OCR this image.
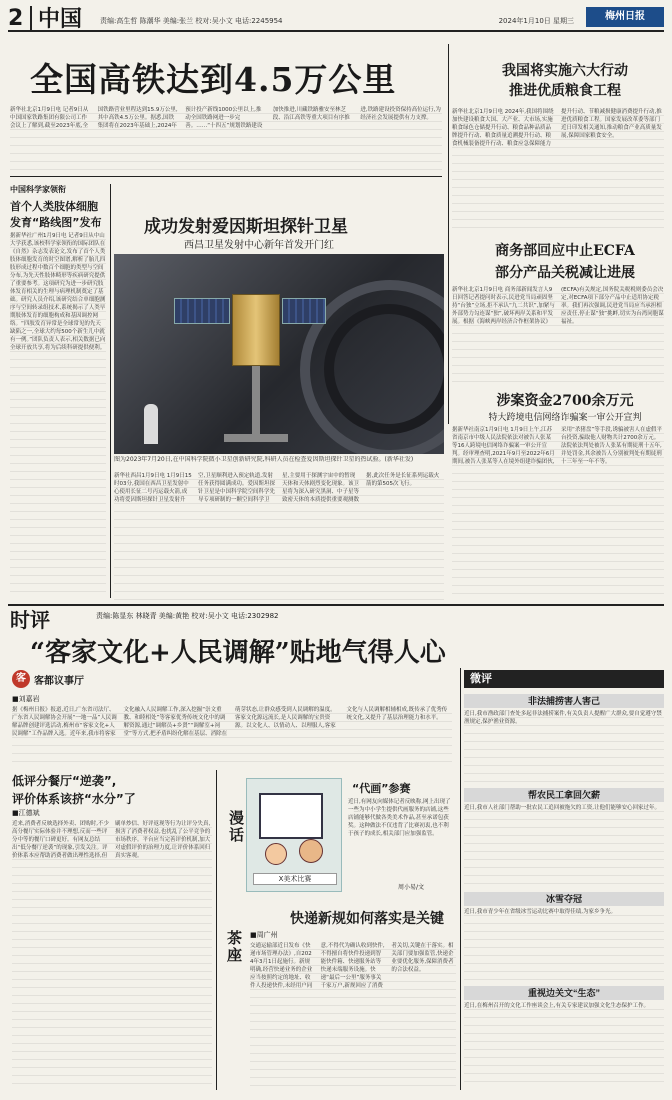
2 中国	责编:高生哲 陈潮华 美编:张兰 校对:吴小文 电话:2245954	2024年1月10日 星期三	梅州日报
全国高铁达到4.5万公里
新华社北京1月9日电 记者9日从中国国家铁路集团有限公司工作会议上了解到,截至2023年底,全国铁路营业里程达到15.9万公里,其中高铁4.5万公里。据悉,国铁集团将在2023年基础上,2024年预计投产新线1000公里以上,推动全国铁路网进一步完善。……“十四五”规划铁路建设加快推进,川藏铁路雅安至林芝段、沿江高铁等重大项目有序推进,铁路建设投资保持高位运行,为经济社会发展提供有力支撑。
我国将实施六大行动
推进优质粮食工程
新华社北京1月9日电 2024年,我国将围绕加快建设粮食大国、大产业、大市场,实施粮食绿色仓储提升行动、粮食品种品质品牌提升行动、粮食质量追溯提升行动、粮食机械装备提升行动、粮食应急保障能力提升行动、节粮减损健康消费提升行动,推进优质粮食工程。国家发展改革委等部门近日印发相关通知,推动粮食产业高质量发展,保障国家粮食安全。
中国科学家领衔
首个人类肢体细胞
发育“路线图”发布
据新华社广州1月9日电 记者9日从中山大学获悉,该校科学家领衔的国际团队在《自然》杂志发表论文,发布了首个人类肢体细胞发育的时空图谱,解析了胎儿四肢形成过程中数百个细胞的类型与空间分布,为先天性肢体畸形等疾病研究提供了重要参考。这项研究为进一步研究肢体发育相关的生理与病理机制奠定了基础。研究人员介绍,该研究结合单细胞测序与空间转录组技术,系统揭示了人类早期肢体发育的细胞构成和基因调控网络。“四肢发育异常是全球常见的先天缺陷之一,全球大约每500个新生儿中就有一例。”团队负责人表示,相关数据已向全球开放共享,将为后续科研提供便利。
成功发射爱因斯坦探针卫星
西昌卫星发射中心新年首发开门红
图为2023年7月20日,在中国科学院微小卫星创新研究院,科研人员在检查爱因斯坦探针卫星的热试验。(新华社发)
新华社西昌1月9日电 1月9日15时03分,我国在西昌卫星发射中心使用长征二号丙运载火箭,成功将爱因斯坦探针卫星发射升空,卫星顺利进入预定轨道,发射任务获得圆满成功。爱因斯坦探针卫星是中国科学院空间科学先导专项研制的一颗空间科学卫星,主要用于探测宇宙中的暂现天体和天体剧烈变化现象。该卫星将为深入研究黑洞、中子星等致密天体的本质提供重要观测数据,此次任务是长征系列运载火箭的第505次飞行。
商务部回应中止ECFA
部分产品关税减让进展
新华社北京1月9日电 商务部新闻发言人9日回答记者提问时表示,民进党当局顽固坚持“台独”立场,拒不承认“九二共识”,加紧与外部势力勾连谋“独”,破坏两岸关系和平发展。根据《海峡两岸经济合作框架协议》(ECFA)有关规定,国务院关税税则委员会决定,对ECFA项下部分产品中止适用协定税率。我们再次强调,民进党当局应当承担相应责任,停止谋“独”挑衅,切实为台湾同胞谋福祉。
涉案资金2700余万元
特大跨境电信网络诈骗案一审公开宣判
据新华社南京1月9日电 1月9日上午,江苏省南京市中级人民法院依法对被告人张某等16人跨境电信网络诈骗案一审公开宣判。经审理查明,2021年9月至2022年6月期间,被告人张某等人在境外组建诈骗团伙,采用“杀猪盘”等手段,诱骗被害人在虚假平台投资,骗取他人财物共计2700余万元。法院依法判处被告人张某有期徒刑十五年,并处罚金,其余被告人分别被判处有期徒刑十三年至一年不等。
时评	责编:陈显东 林晓青 美编:黄艳 校对:吴小文 电话:2302982
“客家文化+人民调解”贴地气得人心
客 客都议事厅
■刘嘉岩
据《梅州日报》报道,近日,广东省司法厅、广东省人民调解协会开展“一地一品”人民调解品牌创建评选活动,梅州市“客家文化+人民调解”工作品牌入选。近年来,我市将客家文化融入人民调解工作,深入挖掘“崇文重教、和睦相处”等客家优秀传统文化中的调解资源,通过“调解员+乡贤”“调解室+祠堂”等方式,把矛盾纠纷化解在基层、消除在萌芽状态,让群众感受到人民调解的温度。客家文化源远流长,是人民调解的宝贵资源。以文化人、以情动人、以理服人,客家文化与人民调解相辅相成,既传承了优秀传统文化,又提升了基层治理能力和水平。
低评分餐厅“逆袭”,
评价体系该挤“水分”了
■江德斌
近来,消费者反映选择外卖、团购时,不少高分餐厅实际体验并不理想,反而一些评分中等的餐厅口碑更好。有网友总结出“低分餐厅逆袭”的现象,引发关注。评价体系本应帮助消费者做出理性选择,但刷单炒信、好评返现等行为让评分失真,损害了消费者权益,也扰乱了公平竞争的市场秩序。平台应当完善评价机制,加大对虚假评价的治理力度,让评价体系回归真实客观。
漫话
X美术比赛
“代画”参赛
近日,有网友向媒体记者反映称,网上出现了一些为中小学生提供代画服务的店铺,这些店铺能够代做各类美术作品,甚至承诺包获奖。这种做法不仅违背了比赛初衷,也不利于孩子的成长,相关部门应加强监管。
周小易/文
茶座
快递新规如何落实是关键
■周广州
交通运输部近日发布《快递市场管理办法》,自2024年3月1日起施行。新规明确,经营快递业务的企业应当按照约定的地址、收件人投递快件,未经用户同意,不得代为确认收到快件,不得擅自将快件投递到智能快件箱、快递服务站等快递末端服务设施。快递“最后一公里”服务事关千家万户,新规回应了消费者关切,关键在于落实。相关部门要加强监管,快递企业要优化服务,保障消费者的合法权益。
微评
非法捕捞害人害己
近日,我市渔政部门查处多起非法捕捞案件,有关负责人提醒广大群众,要自觉遵守禁渔规定,保护渔业资源。
帮农民工拿回欠薪
近日,我市人社部门帮助一批农民工追回被拖欠的工资,让他们能够安心回家过年。
冰雪夺冠
近日,我市青少年在省级冰雪运动比赛中取得佳绩,为家乡争光。
重视边关文“生态”
近日,在梅州召开的文化工作座谈会上,有关专家建议加强文化生态保护工作。
